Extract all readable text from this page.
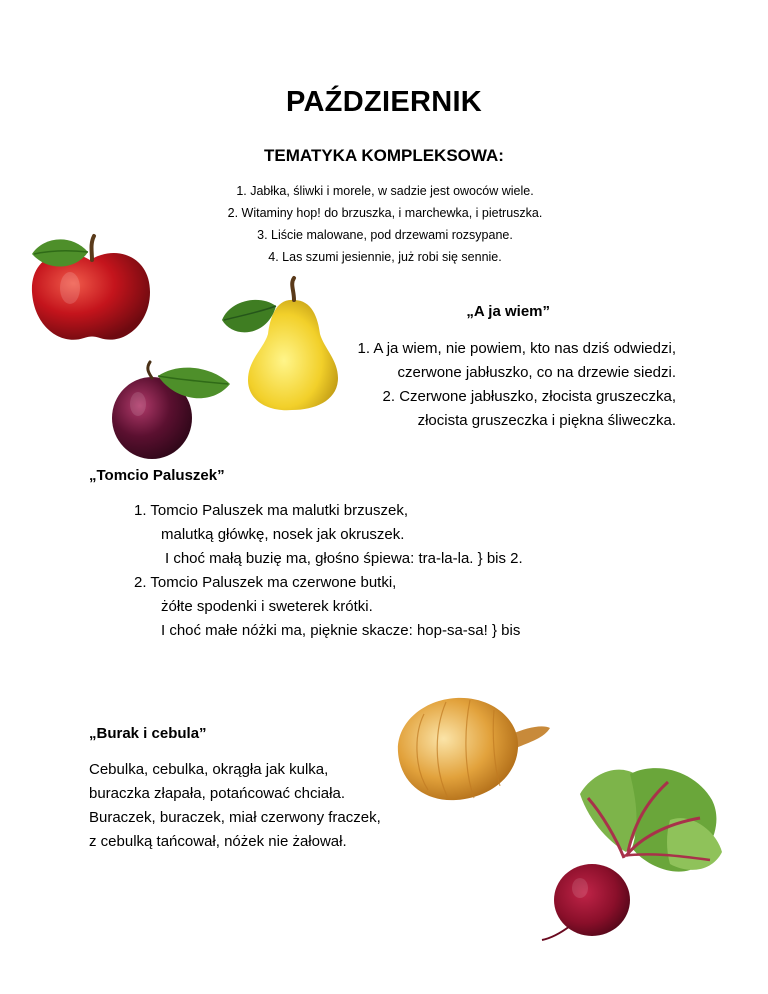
PAŹDZIERNIK
TEMATYKA KOMPLEKSOWA:
1. Jabłka, śliwki i morele, w sadzie jest owoców wiele.
2. Witaminy hop! do brzuszka, i marchewka, i pietruszka.
3. Liście malowane, pod drzewami rozsypane.
4. Las szumi jesiennie, już robi się sennie.
„A ja wiem”
1. A ja wiem, nie powiem, kto nas dziś odwiedzi,
czerwone jabłuszko, co na drzewie siedzi.
2. Czerwone jabłuszko, złocista gruszeczka,
złocista gruszeczka i piękna śliweczka.
„Tomcio Paluszek”
1. Tomcio Paluszek ma malutki brzuszek,
malutką główkę, nosek jak okruszek.
I choć małą buzię ma, głośno śpiewa: tra-la-la. } bis 2.
2. Tomcio Paluszek ma czerwone butki,
żółte spodenki i sweterek krótki.
I choć małe nóżki ma, pięknie skacze: hop-sa-sa! } bis
„Burak i cebula”
Cebulka, cebulka, okrągła jak kulka,
buraczka złapała, potańcować chciała.
Buraczek, buraczek, miał czerwony fraczek,
z cebulką tańcował, nóżek nie żałował.
